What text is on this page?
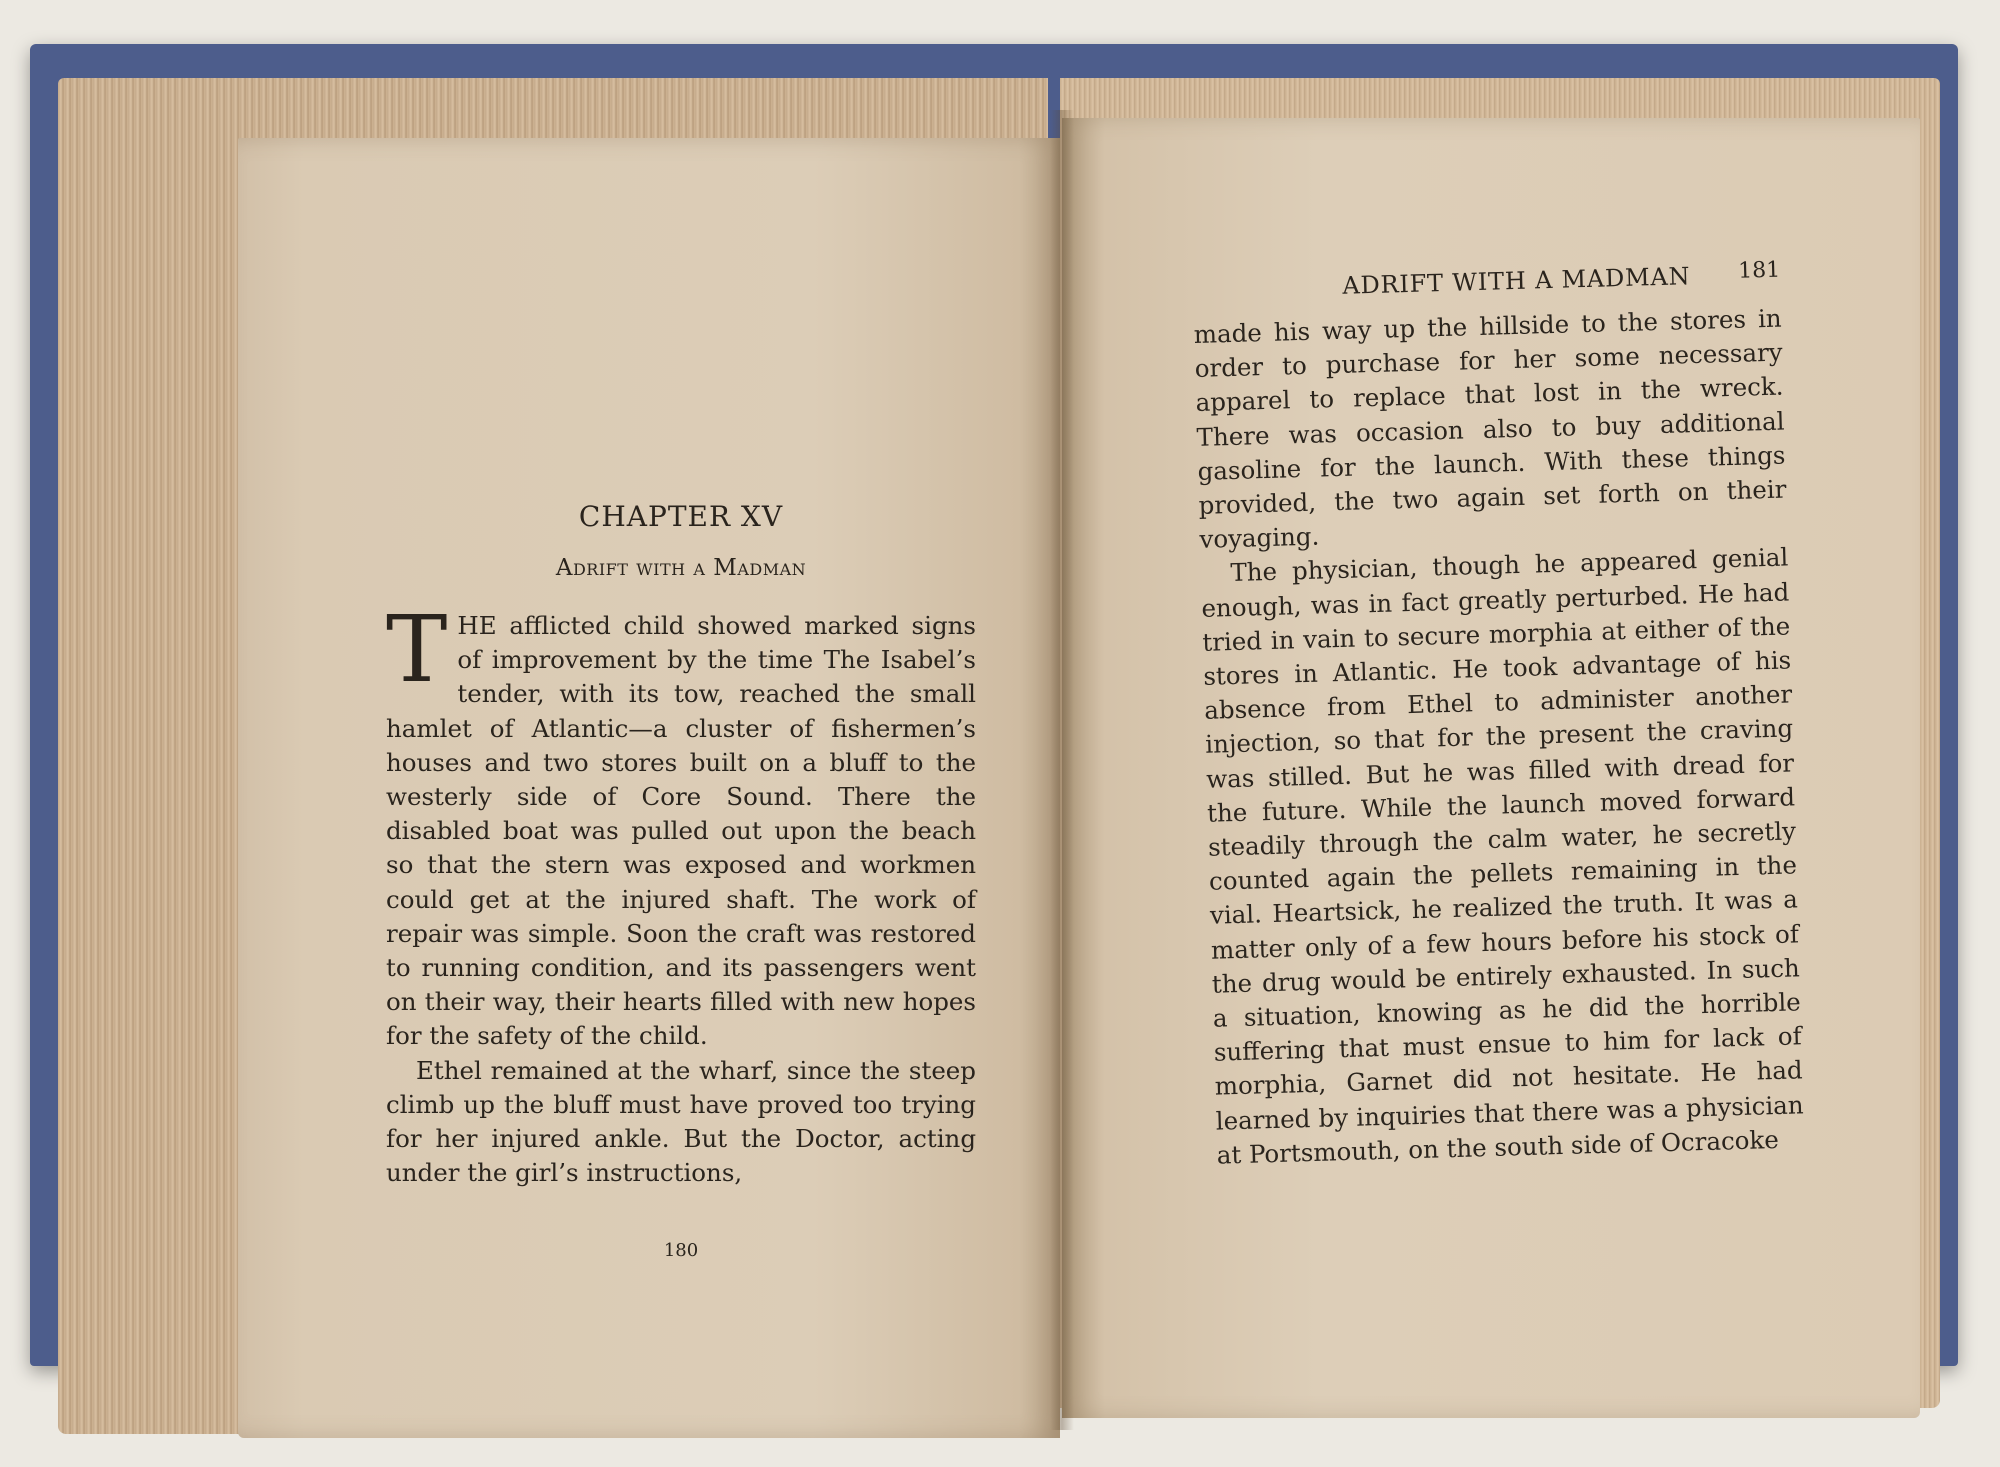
CHAPTER XV
Adrift with a Madman

THE afflicted child showed marked signs of improvement by the time The Isabel’s tender, with its tow, reached the small hamlet of Atlantic—a cluster of fishermen’s houses and two stores built on a bluff to the westerly side of Core Sound. There the disabled boat was pulled out upon the beach so that the stern was exposed and workmen could get at the injured shaft. The work of repair was simple. Soon the craft was restored to running condition, and its passengers went on their way, their hearts filled with new hopes for the safety of the child.

Ethel remained at the wharf, since the steep climb up the bluff must have proved too trying for her injured ankle. But the Doctor, acting under the girl’s instructions,

180
ADRIFT WITH A MADMAN 181

made his way up the hillside to the stores in order to purchase for her some necessary apparel to replace that lost in the wreck. There was occasion also to buy additional gasoline for the launch. With these things provided, the two again set forth on their voyaging.

The physician, though he appeared genial enough, was in fact greatly perturbed. He had tried in vain to secure morphia at either of the stores in Atlantic. He took advantage of his absence from Ethel to administer another injection, so that for the present the craving was stilled. But he was filled with dread for the future. While the launch moved forward steadily through the calm water, he secretly counted again the pellets remaining in the vial. Heartsick, he realized the truth. It was a matter only of a few hours before his stock of the drug would be entirely exhausted. In such a situation, knowing as he did the horrible suffering that must ensue to him for lack of morphia, Garnet did not hesitate. He had learned by inquiries that there was a physician at Portsmouth, on the south side of Ocracoke
